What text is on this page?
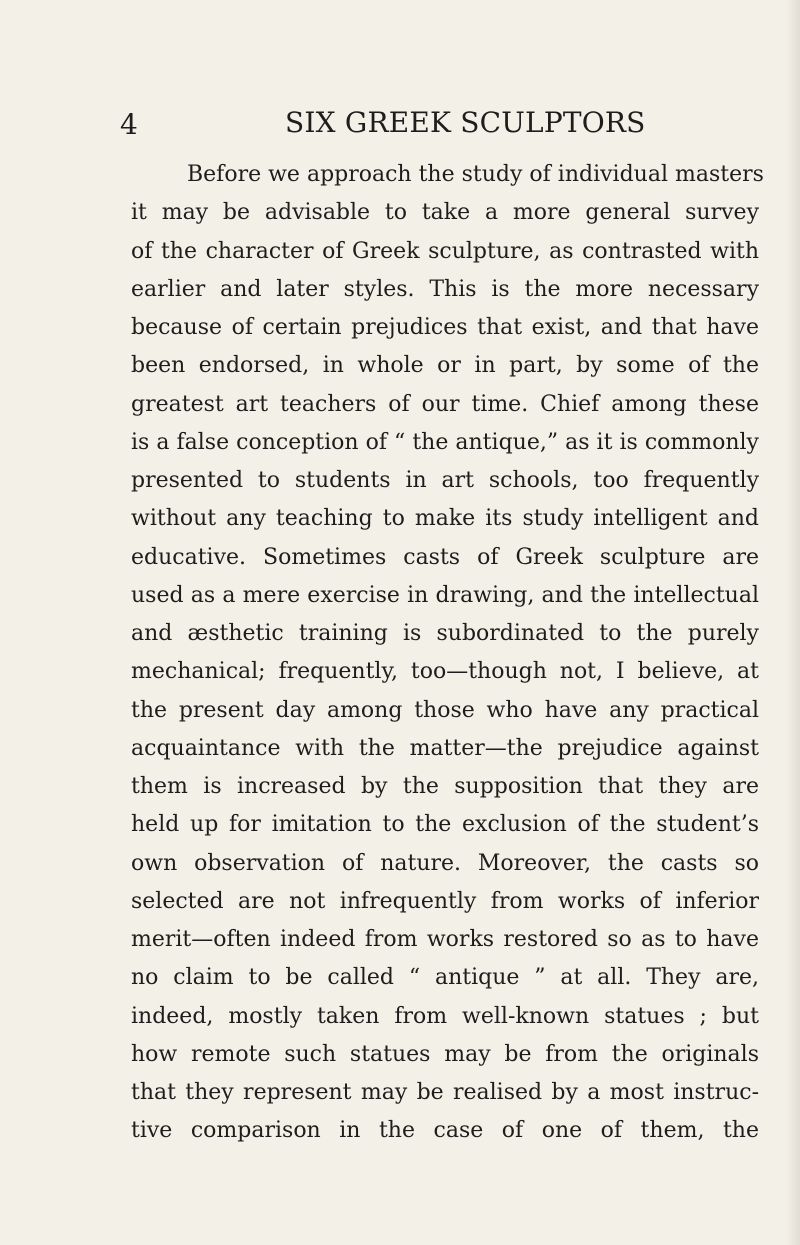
4	SIX GREEK SCULPTORS
Before we approach the study of individual masters
it may be advisable to take a more general survey
of the character of Greek sculpture, as contrasted with
earlier and later styles. This is the more necessary
because of certain prejudices that exist, and that have
been endorsed, in whole or in part, by some of the
greatest art teachers of our time. Chief among these
is a false conception of “ the antique,” as it is commonly
presented to students in art schools, too frequently
without any teaching to make its study intelligent and
educative. Sometimes casts of Greek sculpture are
used as a mere exercise in drawing, and the intellectual
and æsthetic training is subordinated to the purely
mechanical; frequently, too—though not, I believe, at
the present day among those who have any practical
acquaintance with the matter—the prejudice against
them is increased by the supposition that they are
held up for imitation to the exclusion of the student’s
own observation of nature. Moreover, the casts so
selected are not infrequently from works of inferior
merit—often indeed from works restored so as to have
no claim to be called “ antique ” at all. They are,
indeed, mostly taken from well-known statues ; but
how remote such statues may be from the originals
that they represent may be realised by a most instruc-
tive comparison in the case of one of them, the
